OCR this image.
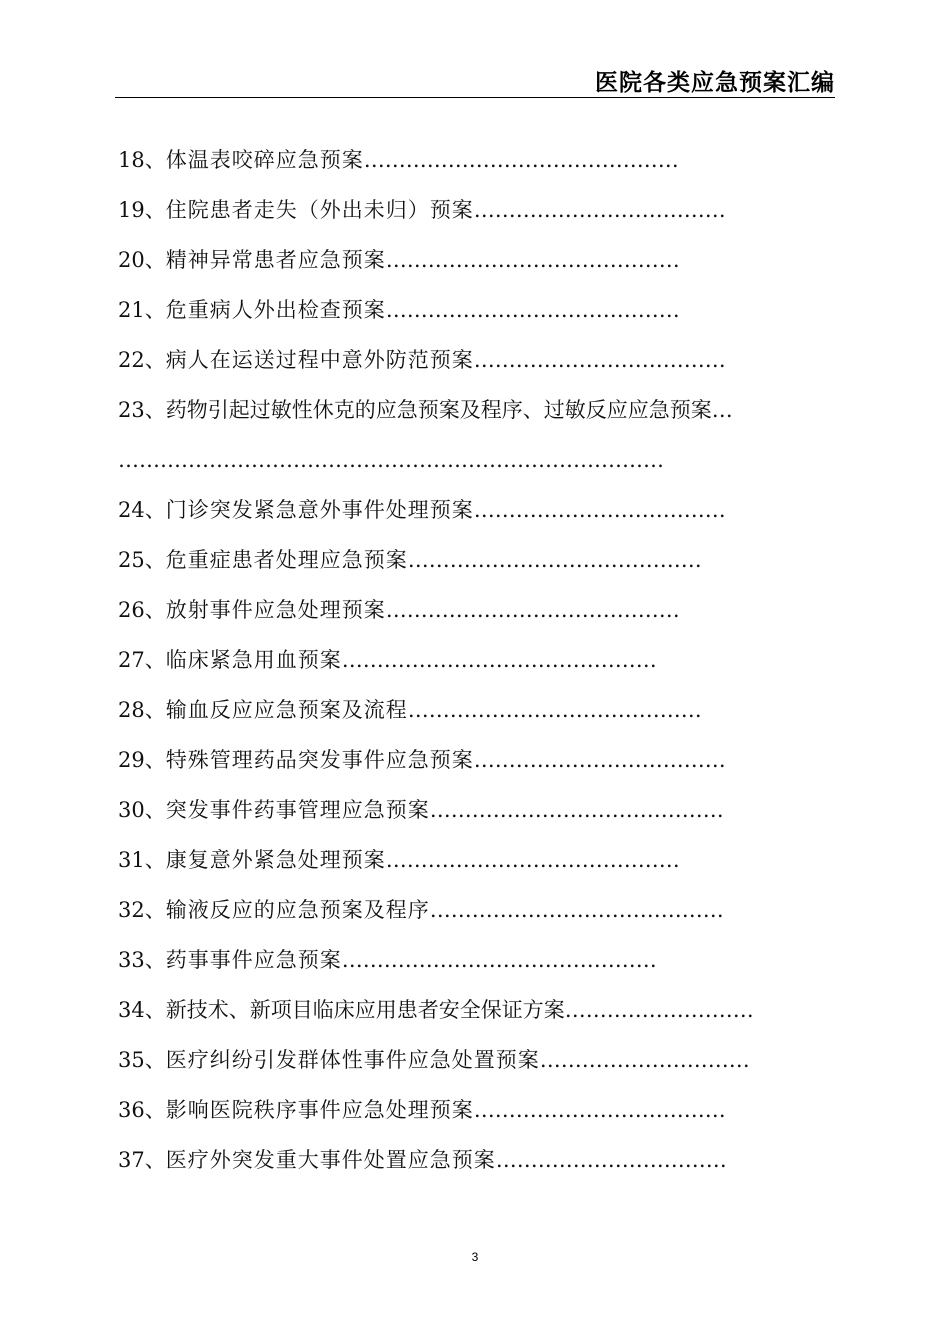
医院各类应急预案汇编
18、体温表咬碎应急预案………………………………………
19、住院患者走失（外出未归）预案………………………………
20、精神异常患者应急预案……………………………………
21、危重病人外出检查预案……………………………………
22、病人在运送过程中意外防范预案………………………………
23、药物引起过敏性休克的应急预案及程序、过敏反应应急预案…
……………………………………………………………………
24、门诊突发紧急意外事件处理预案………………………………
25、危重症患者处理应急预案……………………………………
26、放射事件应急处理预案……………………………………
27、临床紧急用血预案………………………………………
28、输血反应应急预案及流程……………………………………
29、特殊管理药品突发事件应急预案………………………………
30、突发事件药事管理应急预案……………………………………
31、康复意外紧急处理预案……………………………………
32、输液反应的应急预案及程序……………………………………
33、药事事件应急预案………………………………………
34、新技术、新项目临床应用患者安全保证方案………………………
35、医疗纠纷引发群体性事件应急处置预案…………………………
36、影响医院秩序事件应急处理预案………………………………
37、医疗外突发重大事件处置应急预案……………………………
3
